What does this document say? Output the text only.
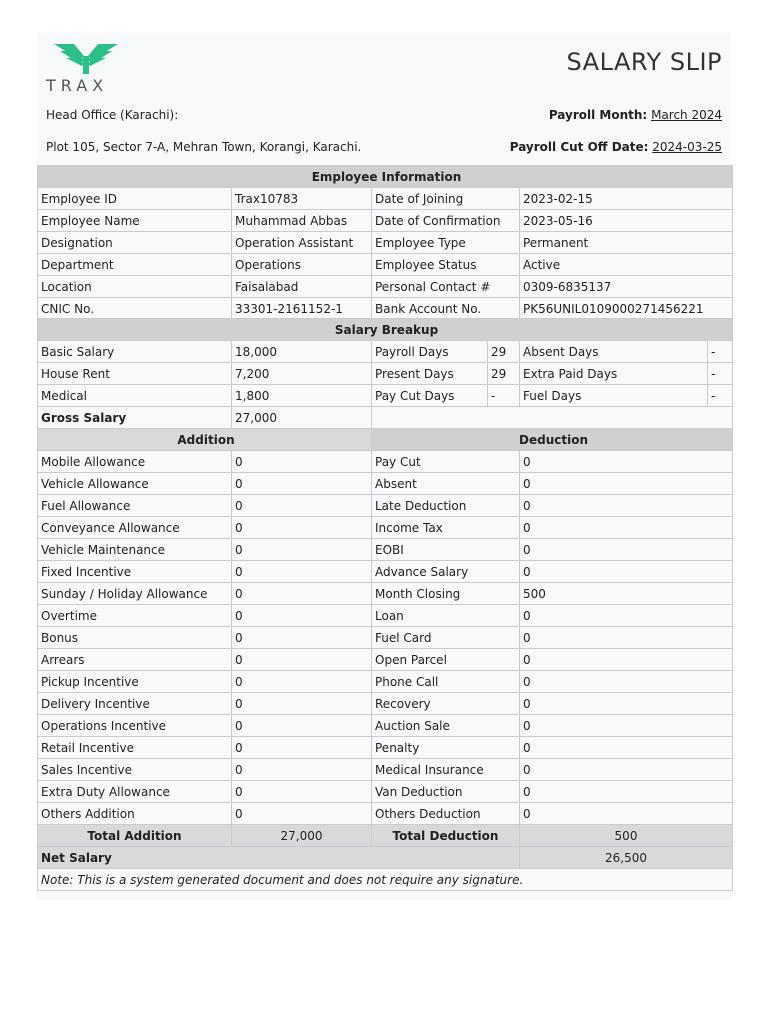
TRAX
SALARY SLIP
Head Office (Karachi):
Plot 105, Sector 7-A, Mehran Town, Korangi, Karachi.
Payroll Month: March 2024
Payroll Cut Off Date: 2024-03-25
Employee Information			
Employee ID	Trax10783	Date of Joining	2023-02-15
Employee Name	Muhammad Abbas	Date of Confirmation	2023-05-16
Designation	Operation Assistant	Employee Type	Permanent
Department	Operations	Employee Status	Active
Location	Faisalabad	Personal Contact #	0309-6835137
CNIC No.	33301-2161152-1	Bank Account No.	PK56UNIL0109000271456221
Salary Breakup					
Basic Salary	18,000	Payroll Days	29	Absent Days	-
House Rent	7,200	Present Days	29	Extra Paid Days	-
Medical	1,800	Pay Cut Days	-	Fuel Days	-
Gross Salary	27,000				
Addition		Deduction	
Mobile Allowance	0	Pay Cut	0
Vehicle Allowance	0	Absent	0
Fuel Allowance	0	Late Deduction	0
Conveyance Allowance	0	Income Tax	0
Vehicle Maintenance	0	EOBI	0
Fixed Incentive	0	Advance Salary	0
Sunday / Holiday Allowance	0	Month Closing	500
Overtime	0	Loan	0
Bonus	0	Fuel Card	0
Arrears	0	Open Parcel	0
Pickup Incentive	0	Phone Call	0
Delivery Incentive	0	Recovery	0
Operations Incentive	0	Auction Sale	0
Retail Incentive	0	Penalty	0
Sales Incentive	0	Medical Insurance	0
Extra Duty Allowance	0	Van Deduction	0
Others Addition	0	Others Deduction	0
Total Addition	27,000	Total Deduction	500
Net Salary			26,500
Note: This is a system generated document and does not require any signature.			
